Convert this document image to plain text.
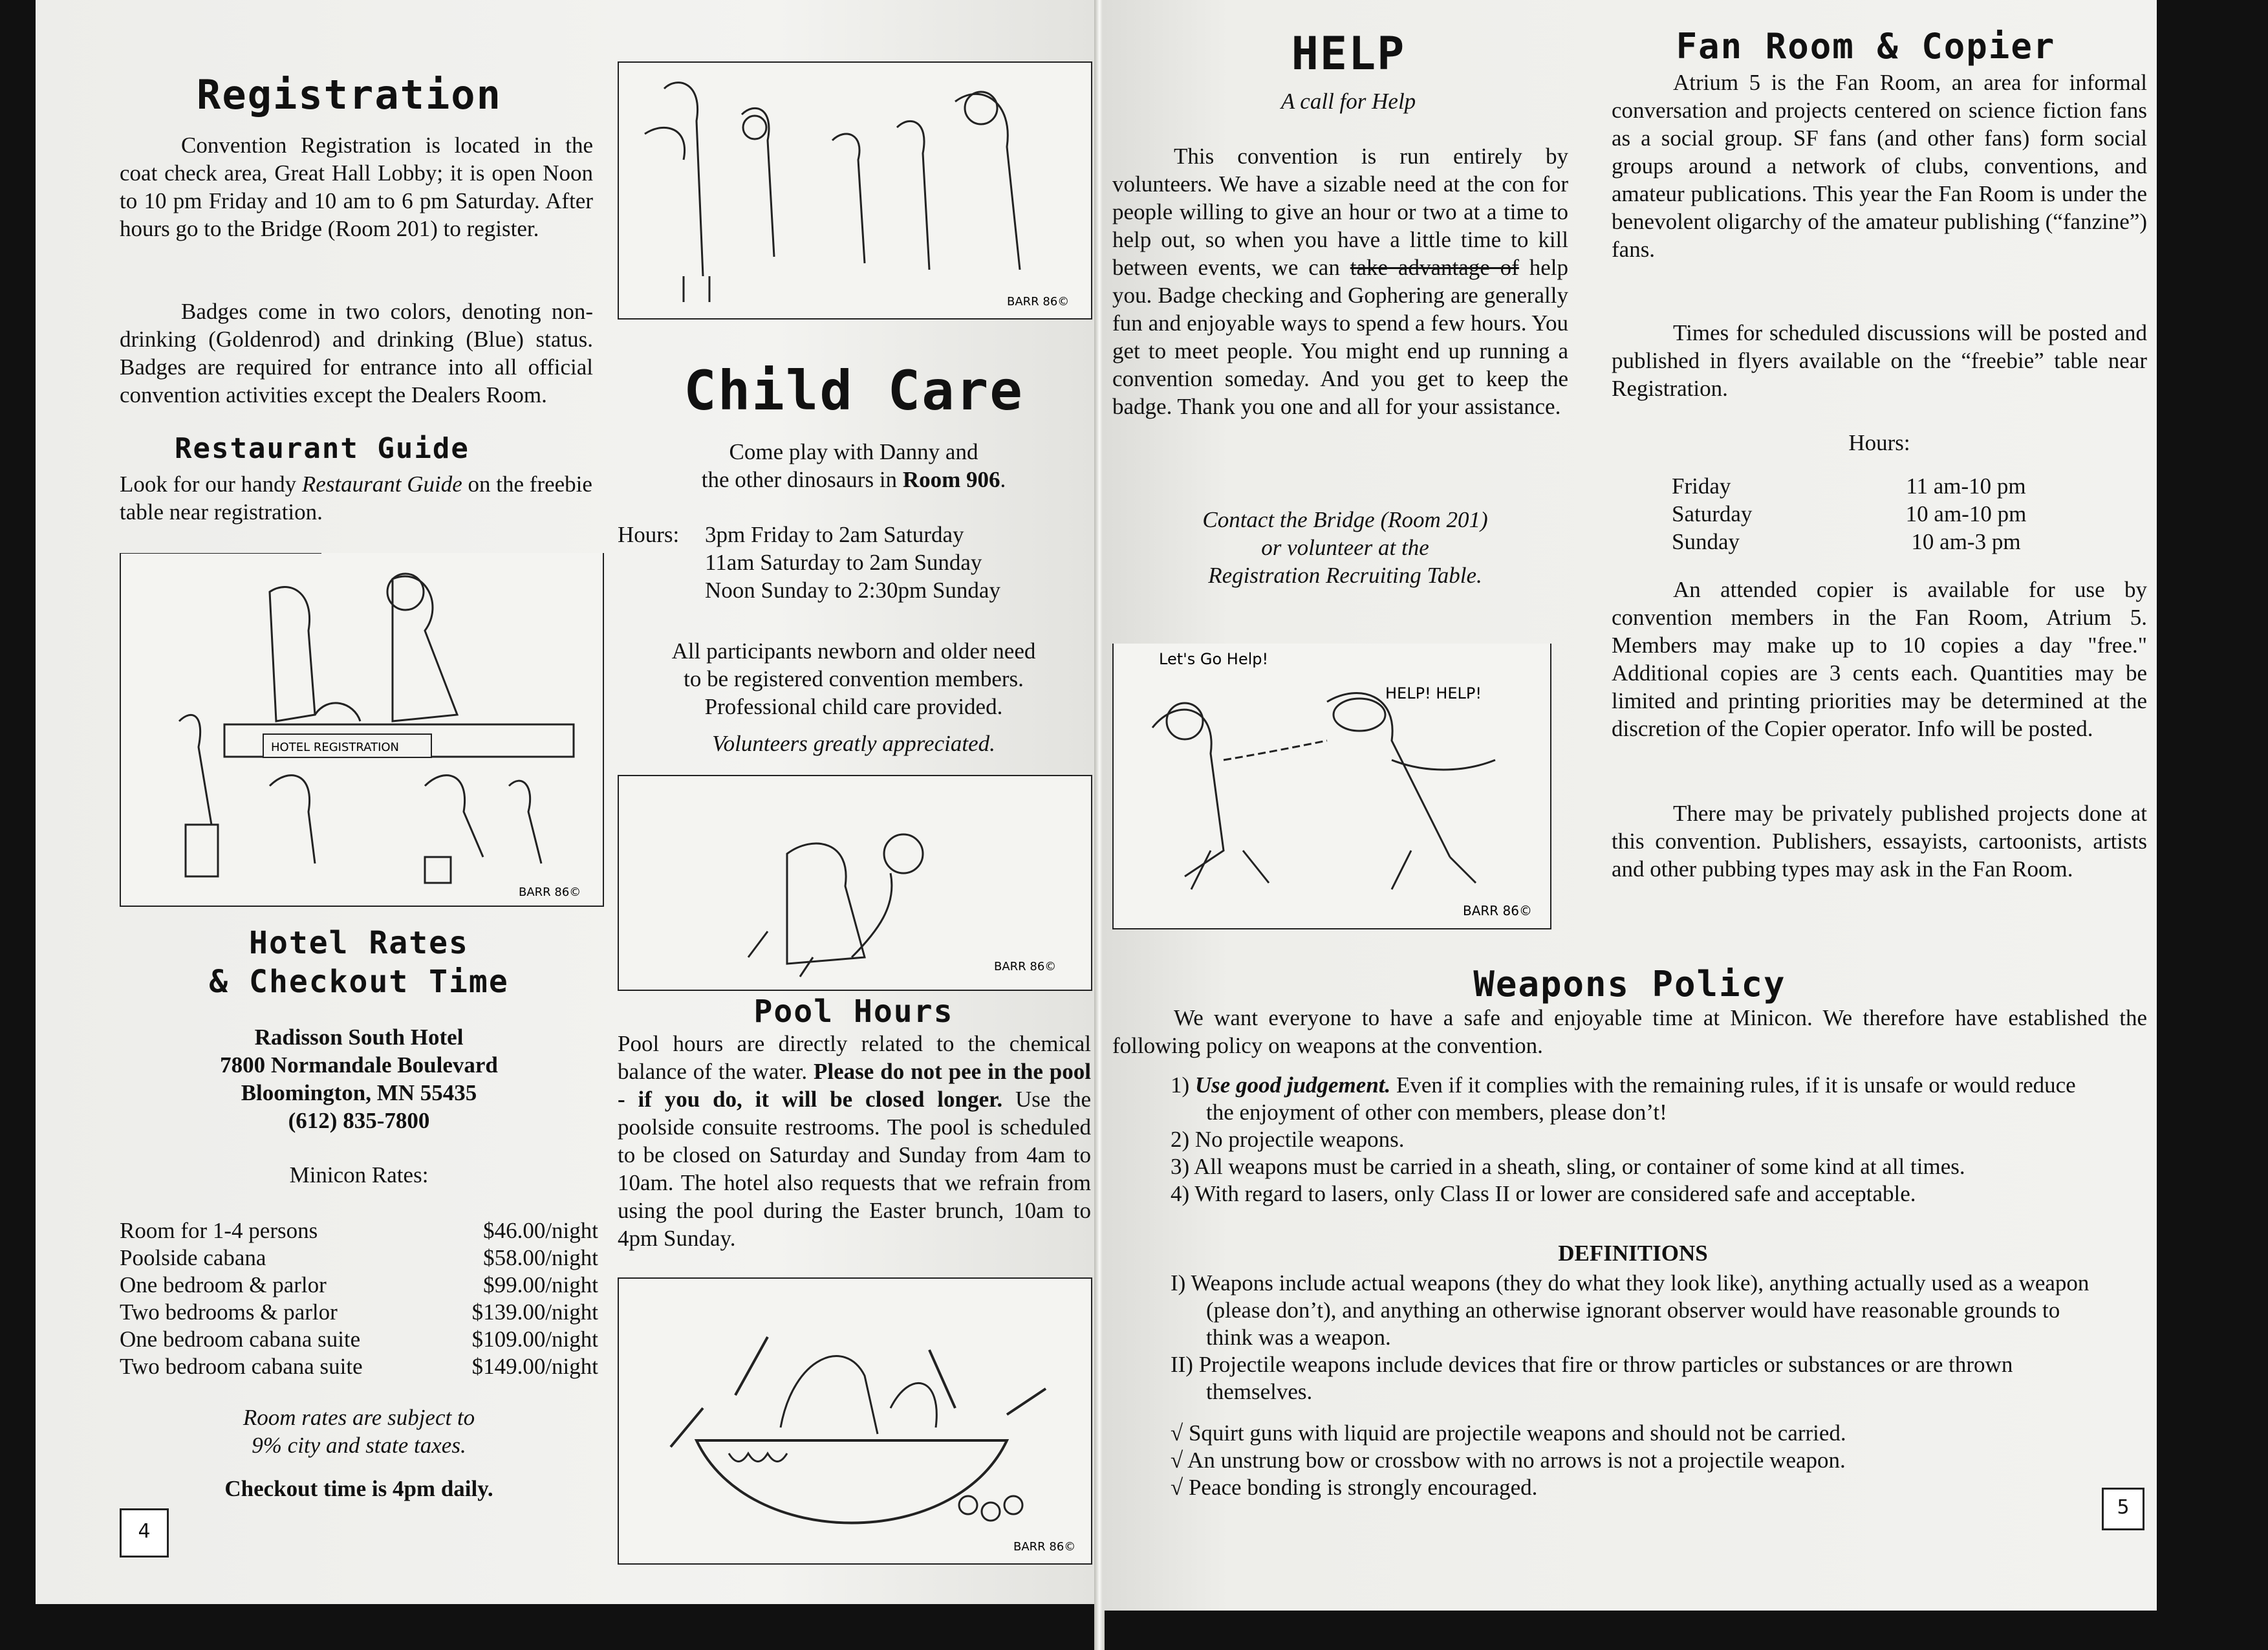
Registration
Convention Registration is located in the coat check area, Great Hall Lobby; it is open Noon to 10 pm Friday and 10 am to 6 pm Saturday. After hours go to the Bridge (Room 201) to register.
Badges come in two colors, denoting non-drinking (Goldenrod) and drinking (Blue) status. Badges are required for entrance into all official convention activities except the Dealers Room.
Restaurant Guide
Look for our handy Restaurant Guide on the freebie table near registration.
HOTEL REGISTRATION
BARR 86©
Hotel Rates
& Checkout Time
Radisson South Hotel
7800 Normandale Boulevard
Bloomington, MN 55435
(612) 835-7800
Minicon Rates:
Room for 1-4 persons	$46.00/night
Poolside cabana	$58.00/night
One bedroom & parlor	$99.00/night
Two bedrooms & parlor	$139.00/night
One bedroom cabana suite	$109.00/night
Two bedroom cabana suite	$149.00/night
Room rates are subject to
9% city and state taxes.
Checkout time is 4pm daily.
4
BARR 86©
Child Care
Come play with Danny and
the other dinosaurs in Room 906.
Hours:	3pm Friday to 2am Saturday
11am Saturday to 2am Sunday
Noon Sunday to 2:30pm Sunday
All participants newborn and older need
to be registered convention members.
Professional child care provided.
Volunteers greatly appreciated.
BARR 86©
Pool Hours
Pool hours are directly related to the chemical balance of the water. Please do not pee in the pool - if you do, it will be closed longer. Use the poolside consuite restrooms. The pool is scheduled to be closed on Saturday and Sunday from 4am to 10am. The hotel also requests that we refrain from using the pool during the Easter brunch, 10am to 4pm Sunday.
BARR 86©
HELP
A call for Help
This convention is run entirely by volunteers. We have a sizable need at the con for people willing to give an hour or two at a time to help out, so when you have a little time to kill between events, we can take advantage of help you. Badge checking and Gophering are generally fun and enjoyable ways to spend a few hours. You get to meet people. You might end up running a convention someday. And you get to keep the badge. Thank you one and all for your assistance.
Contact the Bridge (Room 201)
or volunteer at the
Registration Recruiting Table.
Let's Go Help!
HELP! HELP!
BARR 86©
Fan Room & Copier
Atrium 5 is the Fan Room, an area for informal conversation and projects centered on science fiction fans as a social group. SF fans (and other fans) form social groups around a network of clubs, conventions, and amateur publications. This year the Fan Room is under the benevolent oligarchy of the amateur publishing (“fanzine”) fans.
Times for scheduled discussions will be posted and published in flyers available on the “freebie” table near Registration.
Hours:
Friday	11 am-10 pm
Saturday	10 am-10 pm
Sunday	10 am-3 pm
An attended copier is available for use by convention members in the Fan Room, Atrium 5. Members may make up to 10 copies a day "free." Additional copies are 3 cents each. Quantities may be limited and printing priorities may be determined at the discretion of the Copier operator. Info will be posted.
There may be privately published projects done at this convention. Publishers, essayists, cartoonists, artists and other pubbing types may ask in the Fan Room.
Weapons Policy
We want everyone to have a safe and enjoyable time at Minicon. We therefore have established the following policy on weapons at the convention.
1) Use good judgement. Even if it complies with the remaining rules, if it is unsafe or would reduce the enjoyment of other con members, please don’t!
2) No projectile weapons.
3) All weapons must be carried in a sheath, sling, or container of some kind at all times.
4) With regard to lasers, only Class II or lower are considered safe and acceptable.
DEFINITIONS
I) Weapons include actual weapons (they do what they look like), anything actually used as a weapon (please don’t), and anything an otherwise ignorant observer would have reasonable grounds to think was a weapon.
II) Projectile weapons include devices that fire or throw particles or substances or are thrown themselves.
√ Squirt guns with liquid are projectile weapons and should not be carried.
√ An unstrung bow or crossbow with no arrows is not a projectile weapon.
√ Peace bonding is strongly encouraged.
5
